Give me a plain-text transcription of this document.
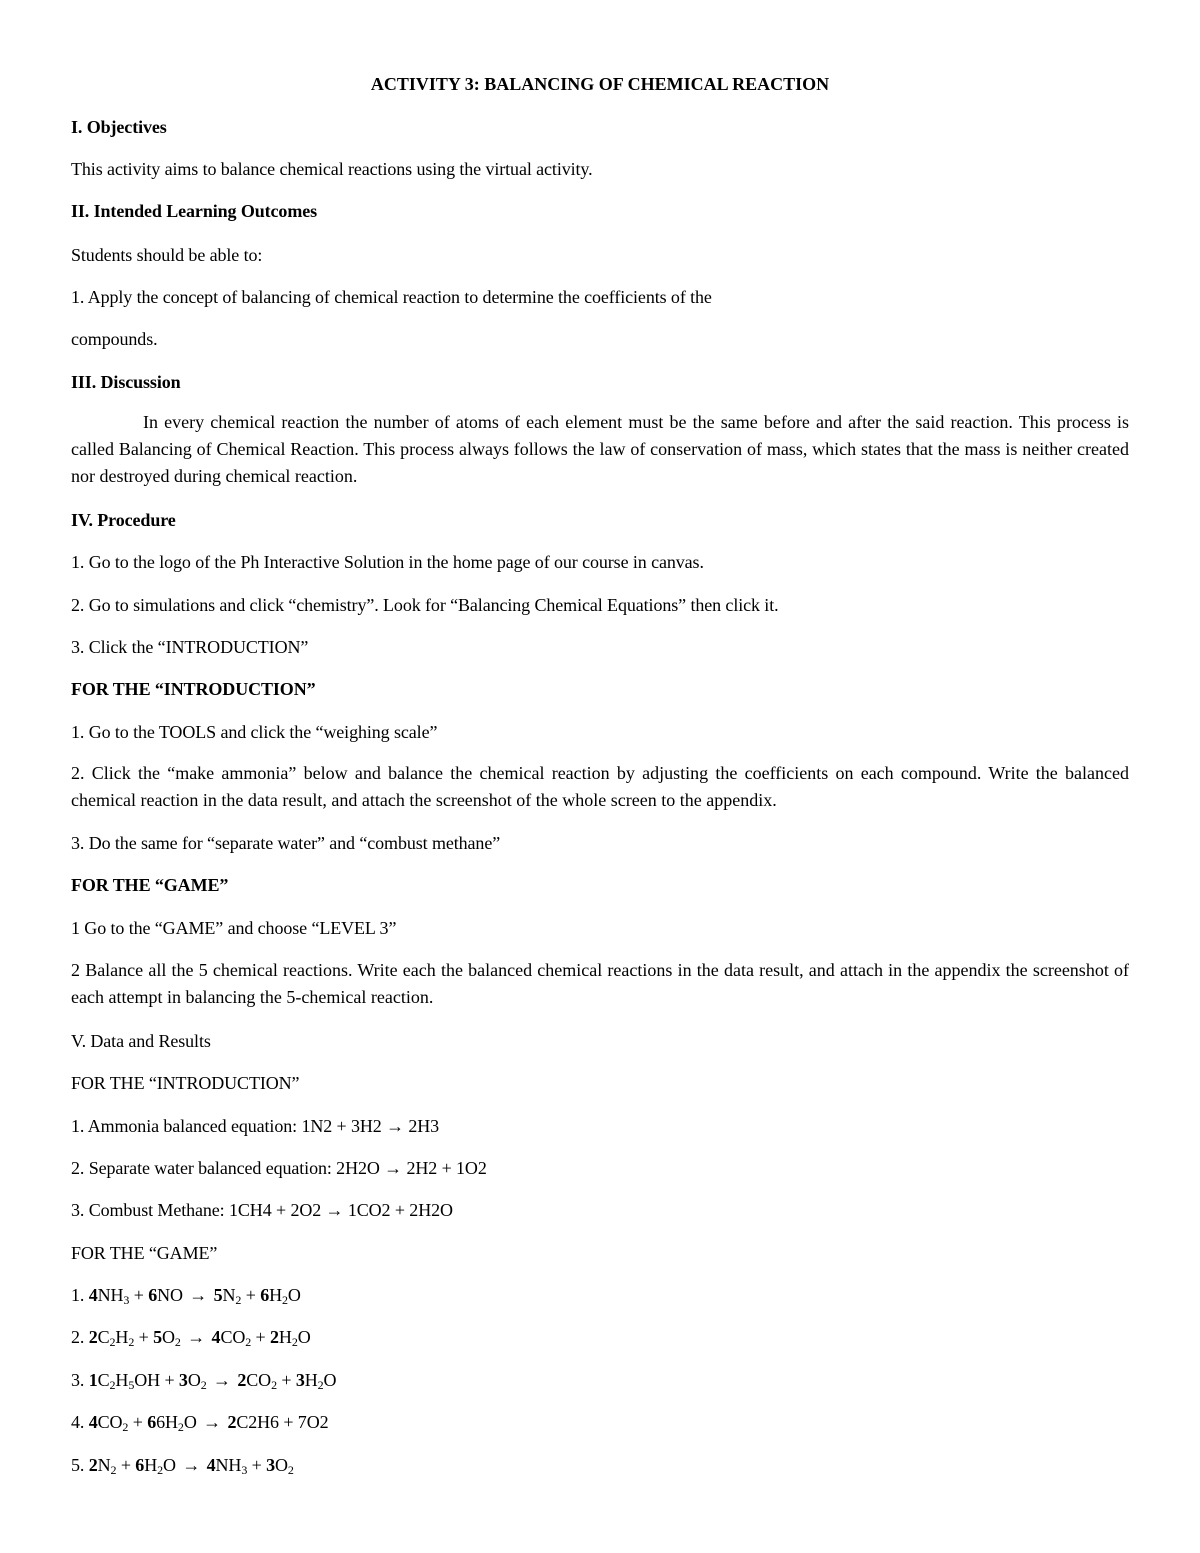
ACTIVITY 3: BALANCING OF CHEMICAL REACTION
I. Objectives
This activity aims to balance chemical reactions using the virtual activity.
II. Intended Learning Outcomes
Students should be able to:
1. Apply the concept of balancing of chemical reaction to determine the coefficients of the
compounds.
III. Discussion
In every chemical reaction the number of atoms of each element must be the same before and after the said reaction. This process is called Balancing of Chemical Reaction. This process always follows the law of conservation of mass, which states that the mass is neither created nor destroyed during chemical reaction.
IV. Procedure
1. Go to the logo of the Ph Interactive Solution in the home page of our course in canvas.
2. Go to simulations and click “chemistry”. Look for “Balancing Chemical Equations” then click it.
3. Click the “INTRODUCTION”
FOR THE “INTRODUCTION”
1. Go to the TOOLS and click the “weighing scale”
2. Click the “make ammonia” below and balance the chemical reaction by adjusting the coefficients on each compound. Write the balanced chemical reaction in the data result, and attach the screenshot of the whole screen to the appendix.
3. Do the same for “separate water” and “combust methane”
FOR THE “GAME”
1 Go to the “GAME” and choose “LEVEL 3”
2 Balance all the 5 chemical reactions. Write each the balanced chemical reactions in the data result, and attach in the appendix the screenshot of each attempt in balancing the 5-chemical reaction.
V. Data and Results
FOR THE “INTRODUCTION”
1. Ammonia balanced equation: 1N2 + 3H2 → 2H3
2. Separate water balanced equation: 2H2O → 2H2 + 1O2
3. Combust Methane: 1CH4 + 2O2 → 1CO2 + 2H2O
FOR THE “GAME”
1. $4NH_3 + 6NO \to 5N_2 + 6H_2O$
2. $2C_2H_2 + 5O_2 \to 4CO_2 + 2H_2O$
3. $1C_2H_5OH + 3O_2 \to 2CO_2 + 3H_2O$
4. $4CO_2 + 66H_2O \to 2C2H6 + 7O2$
5. $2N_2 + 6H_2O \to 4NH_3 + 3O_2$
